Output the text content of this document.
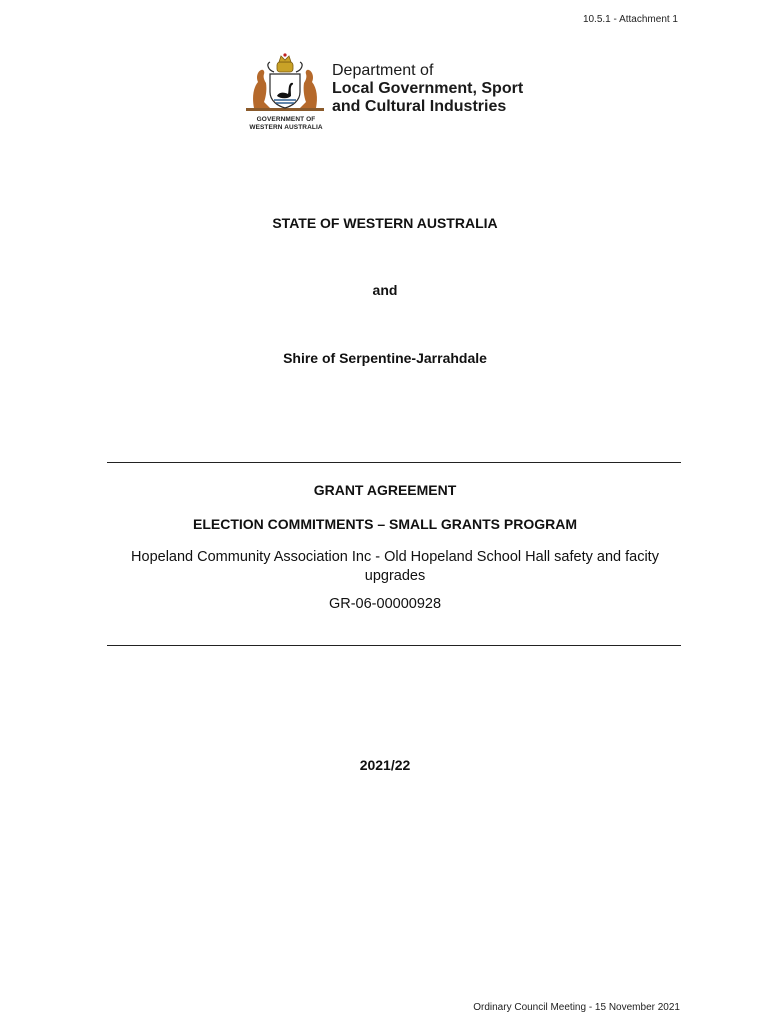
10.5.1 - Attachment 1
GOVERNMENT OF
WESTERN AUSTRALIA
Department of
Local Government, Sport
and Cultural Industries
STATE OF WESTERN AUSTRALIA
and
Shire of Serpentine-Jarrahdale
GRANT AGREEMENT
ELECTION COMMITMENTS – SMALL GRANTS PROGRAM
Hopeland Community Association Inc - Old Hopeland School Hall safety and facity
upgrades
GR-06-00000928
2021/22
Ordinary Council Meeting - 15 November 2021
